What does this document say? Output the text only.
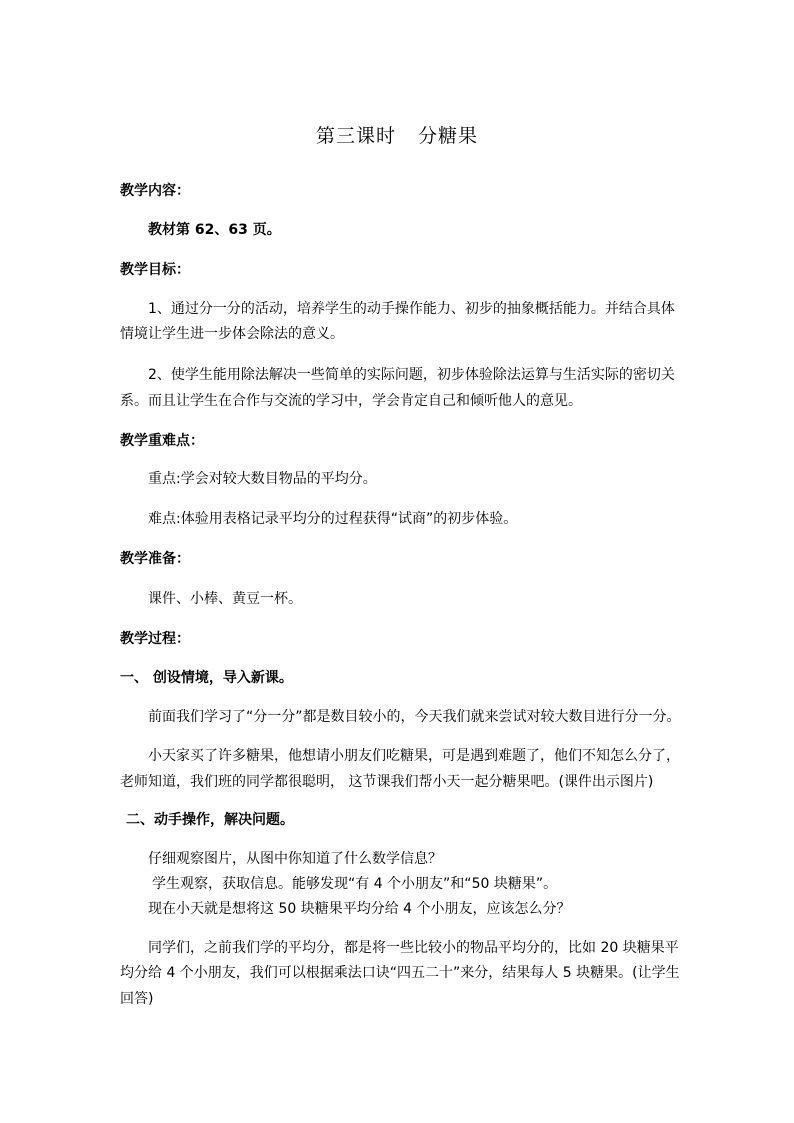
第三课时 分糖果
教学内容：
教材第 62、63 页。
教学目标：
1、通过分一分的活动，培养学生的动手操作能力、初步的抽象概括能力。并结合具体
情境让学生进一步体会除法的意义。
2、使学生能用除法解决一些简单的实际问题，初步体验除法运算与生活实际的密切关
系。而且让学生在合作与交流的学习中，学会肯定自己和倾听他人的意见。
教学重难点：
重点:学会对较大数目物品的平均分。
难点:体验用表格记录平均分的过程获得“试商”的初步体验。
教学准备：
课件、小棒、黄豆一杯。
教学过程：
一、 创设情境，导入新课。
前面我们学习了“分一分”都是数目较小的，今天我们就来尝试对较大数目进行分一分。
小天家买了许多糖果，他想请小朋友们吃糖果，可是遇到难题了，他们不知怎么分了，
老师知道，我们班的同学都很聪明， 这节课我们帮小天一起分糖果吧。(课件出示图片)
二、动手操作，解决问题。
仔细观察图片，从图中你知道了什么数学信息？
学生观察，获取信息。能够发现“有 4 个小朋友”和“50 块糖果”。
现在小天就是想将这 50 块糖果平均分给 4 个小朋友，应该怎么分？
同学们，之前我们学的平均分，都是将一些比较小的物品平均分的，比如 20 块糖果平
均分给 4 个小朋友，我们可以根据乘法口诀“四五二十”来分，结果每人 5 块糖果。(让学生
回答)
